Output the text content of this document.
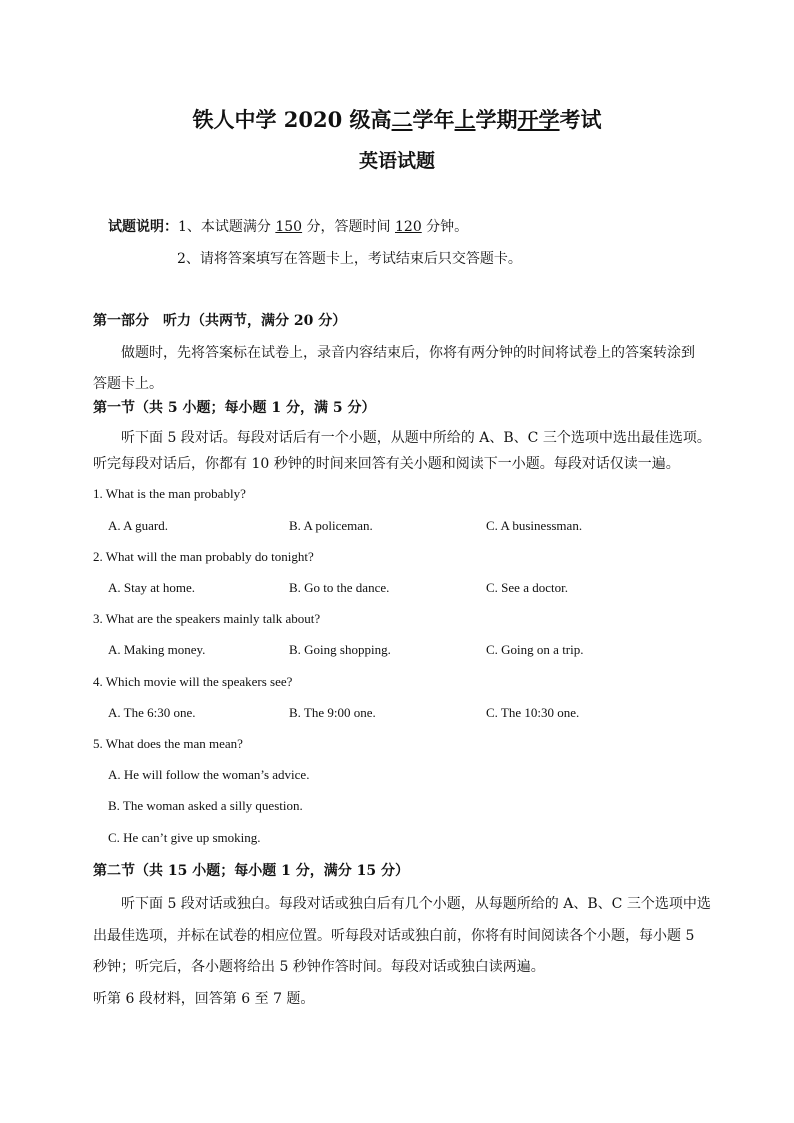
铁人中学 2020 级高二学年上学期开学考试
英语试题
试题说明：1、本试题满分 150 分，答题时间 120 分钟。
2、请将答案填写在答题卡上，考试结束后只交答题卡。
第一部分　听力（共两节，满分 20 分）
做题时，先将答案标在试卷上，录音内容结束后，你将有两分钟的时间将试卷上的答案转涂到
答题卡上。
第一节（共 5 小题；每小题 1 分，满 5 分）
听下面 5 段对话。每段对话后有一个小题，从题中所给的 A、B、C 三个选项中选出最佳选项。
听完每段对话后，你都有 10 秒钟的时间来回答有关小题和阅读下一小题。每段对话仅读一遍。
1. What is the man probably?
A. A guard.	B. A policeman.	C. A businessman.
2. What will the man probably do tonight?
A. Stay at home.	B. Go to the dance.	C. See a doctor.
3. What are the speakers mainly talk about?
A. Making money.	B. Going shopping.	C. Going on a trip.
4. Which movie will the speakers see?
A. The 6:30 one.	B. The 9:00 one.	C. The 10:30 one.
5. What does the man mean?
A. He will follow the woman’s advice.
B. The woman asked a silly question.
C. He can’t give up smoking.
第二节（共 15 小题；每小题 1 分，满分 15 分）
听下面 5 段对话或独白。每段对话或独白后有几个小题，从每题所给的 A、B、C 三个选项中选
出最佳选项，并标在试卷的相应位置。听每段对话或独白前，你将有时间阅读各个小题，每小题 5
秒钟；听完后，各小题将给出 5 秒钟作答时间。每段对话或独白读两遍。
听第 6 段材料，回答第 6 至 7 题。
